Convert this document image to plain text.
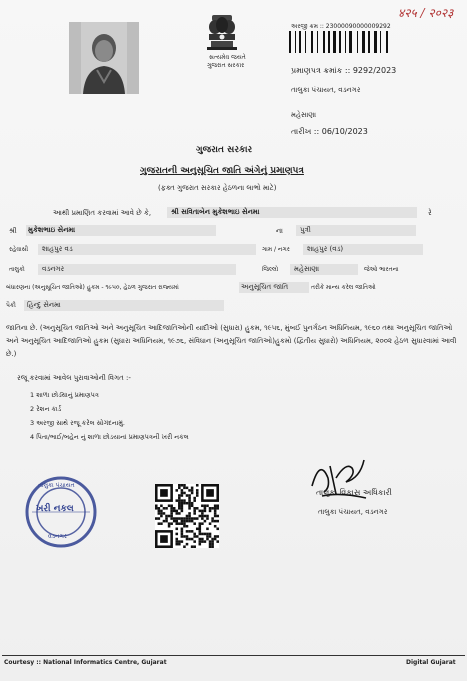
४२५ / २०२३
સત્યમેવ જયતે
ગુજરાત સરકાર
અરજી ક્રમ :: 23000090000009292
પ્રમાણપત્ર ક્રમાંક :: 9292/2023
તાલુકા પંચાયત, વડનગર
મહેસાણા
તારીખ :: 06/10/2023
ગુજરાત સરકાર
ગુજરાતની અનુસૂચિત જાતિ અંગેનું પ્રમાણપત્ર
(ફક્ત ગુજરાત સરકાર હેઠળના લાભો માટે)
આથી પ્રમાણિત કરવામાં આવે છે કે,	શ્રી સવિતાબેન મુકેશભાઇ સેનમા	રે
શ્રી મુકેશભાઇ સેનમા	ના પુત્રી
રહેવાસી શાહપુર વડ	ગામ / નગર શાહપુર (વડ)
તાલુકો વડનગર	જિલ્લો મહેસાણા	જેઓ ભારતના
બંધારણના (અનુસૂચિત જાતિઓ) હુકમ - ૧૯૫૦, હેઠળ ગુજરાત રાજ્યમાં	અનુસૂચિત જાતિ	તરીકે માન્ય કરેલ જાતિઓ
પૈકી હિન્દુ સેનમા
જાતિના છે. (અનુસૂચિત જાતિઓ અને અનુસૂચિત આદિજાતિઓની યાદીઓ (સુધારા) હુકમ, ૧૯૫૬, મુંબઈ પુનર્ગઠન અધિનિયમ, ૧૯૬૦ તથા અનુસૂચિત જાતિઓ અને અનુસૂચિત આદિજાતિઓ હુકમ (સુધારા અધિનિયમ, ૧૯૭૬, સંવિધાન (અનુસૂચિત જાતિઓ)હુકમો (દ્વિતીય સુધારો) અધિનિયમ, ૨૦૦૨ હેઠળ સુધારવામાં આવી છે.)
રજૂ કરવામાં આવેલ પુરાવાઓની વિગત :-
1 શાળા છોડ્યાનું પ્રમાણપત્ર
2 રેશન કાર્ડ
3 અરજી સાથે રજૂ કરેલ સોગંદનામું.
4 પિતા/ભાઈ/બહેન નું શાળા છોડયાનાં પ્રમાણપત્રની ખરી નકલ
તાલુકા પંચાયત
ખરી નકલ
વડનગર
તાલુકા વિકાસ અધિકારી
તાલુકા પંચાયત, વડનગર
Courtesy :: National Informatics Centre, Gujarat	Digital Gujarat
